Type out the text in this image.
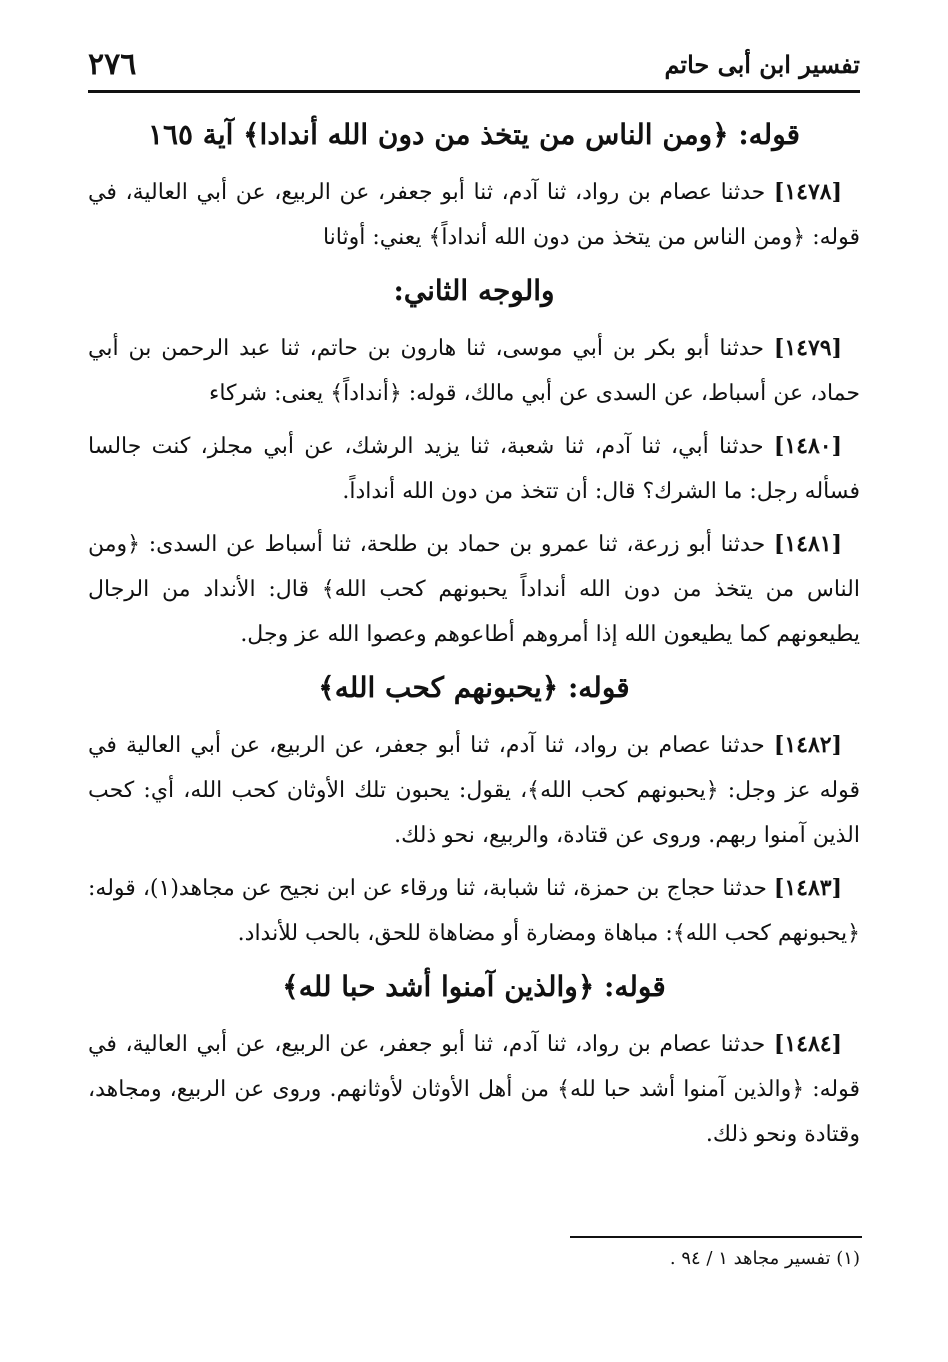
٢٧٦	تفسير ابن أبى حاتم
قوله: ﴿ومن الناس من يتخذ من دون الله أندادا﴾ آية ١٦٥

[١٤٧٨] حدثنا عصام بن رواد، ثنا آدم، ثنا أبو جعفر، عن الربيع، عن أبي العالية، في قوله: ﴿ومن الناس من يتخذ من دون الله أنداداً﴾ يعني: أوثانا

والوجه الثاني:

[١٤٧٩] حدثنا أبو بكر بن أبي موسى، ثنا هارون بن حاتم، ثنا عبد الرحمن بن أبي حماد، عن أسباط، عن السدى عن أبي مالك، قوله: ﴿أنداداً﴾ يعنى: شركاء

[١٤٨٠] حدثنا أبي، ثنا آدم، ثنا شعبة، ثنا يزيد الرشك، عن أبي مجلز، كنت جالسا فسأله رجل: ما الشرك؟ قال: أن تتخذ من دون الله أنداداً.

[١٤٨١] حدثنا أبو زرعة، ثنا عمرو بن حماد بن طلحة، ثنا أسباط عن السدى: ﴿ومن الناس من يتخذ من دون الله أنداداً يحبونهم كحب الله﴾ قال: الأنداد من الرجال يطيعونهم كما يطيعون الله إذا أمروهم أطاعوهم وعصوا الله عز وجل.

قوله: ﴿يحبونهم كحب الله﴾

[١٤٨٢] حدثنا عصام بن رواد، ثنا آدم، ثنا أبو جعفر، عن الربيع، عن أبي العالية في قوله عز وجل: ﴿يحبونهم كحب الله﴾، يقول: يحبون تلك الأوثان كحب الله، أي: كحب الذين آمنوا ربهم. وروى عن قتادة، والربيع، نحو ذلك.

[١٤٨٣] حدثنا حجاج بن حمزة، ثنا شبابة، ثنا ورقاء عن ابن نجيح عن مجاهد(١)، قوله: ﴿يحبونهم كحب الله﴾: مباهاة ومضارة أو مضاهاة للحق، بالحب للأنداد.

قوله: ﴿والذين آمنوا أشد حبا لله﴾

[١٤٨٤] حدثنا عصام بن رواد، ثنا آدم، ثنا أبو جعفر، عن الربيع، عن أبي العالية، في قوله: ﴿والذين آمنوا أشد حبا لله﴾ من أهل الأوثان لأوثانهم. وروى عن الربيع، ومجاهد، وقتادة ونحو ذلك.

(١) تفسير مجاهد ١ / ٩٤ .
